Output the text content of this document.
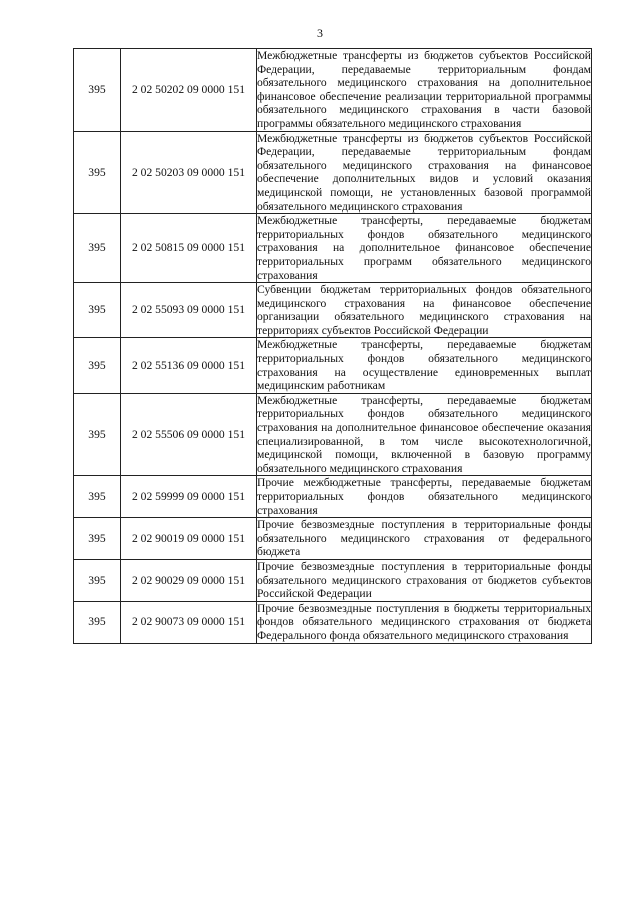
3
395	2 02 50202 09 0000 151	Межбюджетные трансферты из бюджетов субъектов Российской Федерации, передаваемые территориальным фондам обязательного медицинского страхования на дополнительное финансовое обеспечение реализации территориальной программы обязательного медицинского страхования в части базовой программы обязательного медицинского страхования
395	2 02 50203 09 0000 151	Межбюджетные трансферты из бюджетов субъектов Российской Федерации, передаваемые территориальным фондам обязательного медицинского страхования на финансовое обеспечение дополнительных видов и условий оказания медицинской помощи, не установленных базовой программой обязательного медицинского страхования
395	2 02 50815 09 0000 151	Межбюджетные трансферты, передаваемые бюджетам территориальных фондов обязательного медицинского страхования на дополнительное финансовое обеспечение территориальных программ обязательного медицинского страхования
395	2 02 55093 09 0000 151	Субвенции бюджетам территориальных фондов обязательного медицинского страхования на финансовое обеспечение организации обязательного медицинского страхования на территориях субъектов Российской Федерации
395	2 02 55136 09 0000 151	Межбюджетные трансферты, передаваемые бюджетам территориальных фондов обязательного медицинского страхования на осуществление единовременных выплат медицинским работникам
395	2 02 55506 09 0000 151	Межбюджетные трансферты, передаваемые бюджетам территориальных фондов обязательного медицинского страхования на дополнительное финансовое обеспечение оказания специализированной, в том числе высокотехнологичной, медицинской помощи, включенной в базовую программу обязательного медицинского страхования
395	2 02 59999 09 0000 151	Прочие межбюджетные трансферты, передаваемые бюджетам территориальных фондов обязательного медицинского страхования
395	2 02 90019 09 0000 151	Прочие безвозмездные поступления в территориальные фонды обязательного медицинского страхования от федерального бюджета
395	2 02 90029 09 0000 151	Прочие безвозмездные поступления в территориальные фонды обязательного медицинского страхования от бюджетов субъектов Российской Федерации
395	2 02 90073 09 0000 151	Прочие безвозмездные поступления в бюджеты территориальных фондов обязательного медицинского страхования от бюджета Федерального фонда обязательного медицинского страхования
